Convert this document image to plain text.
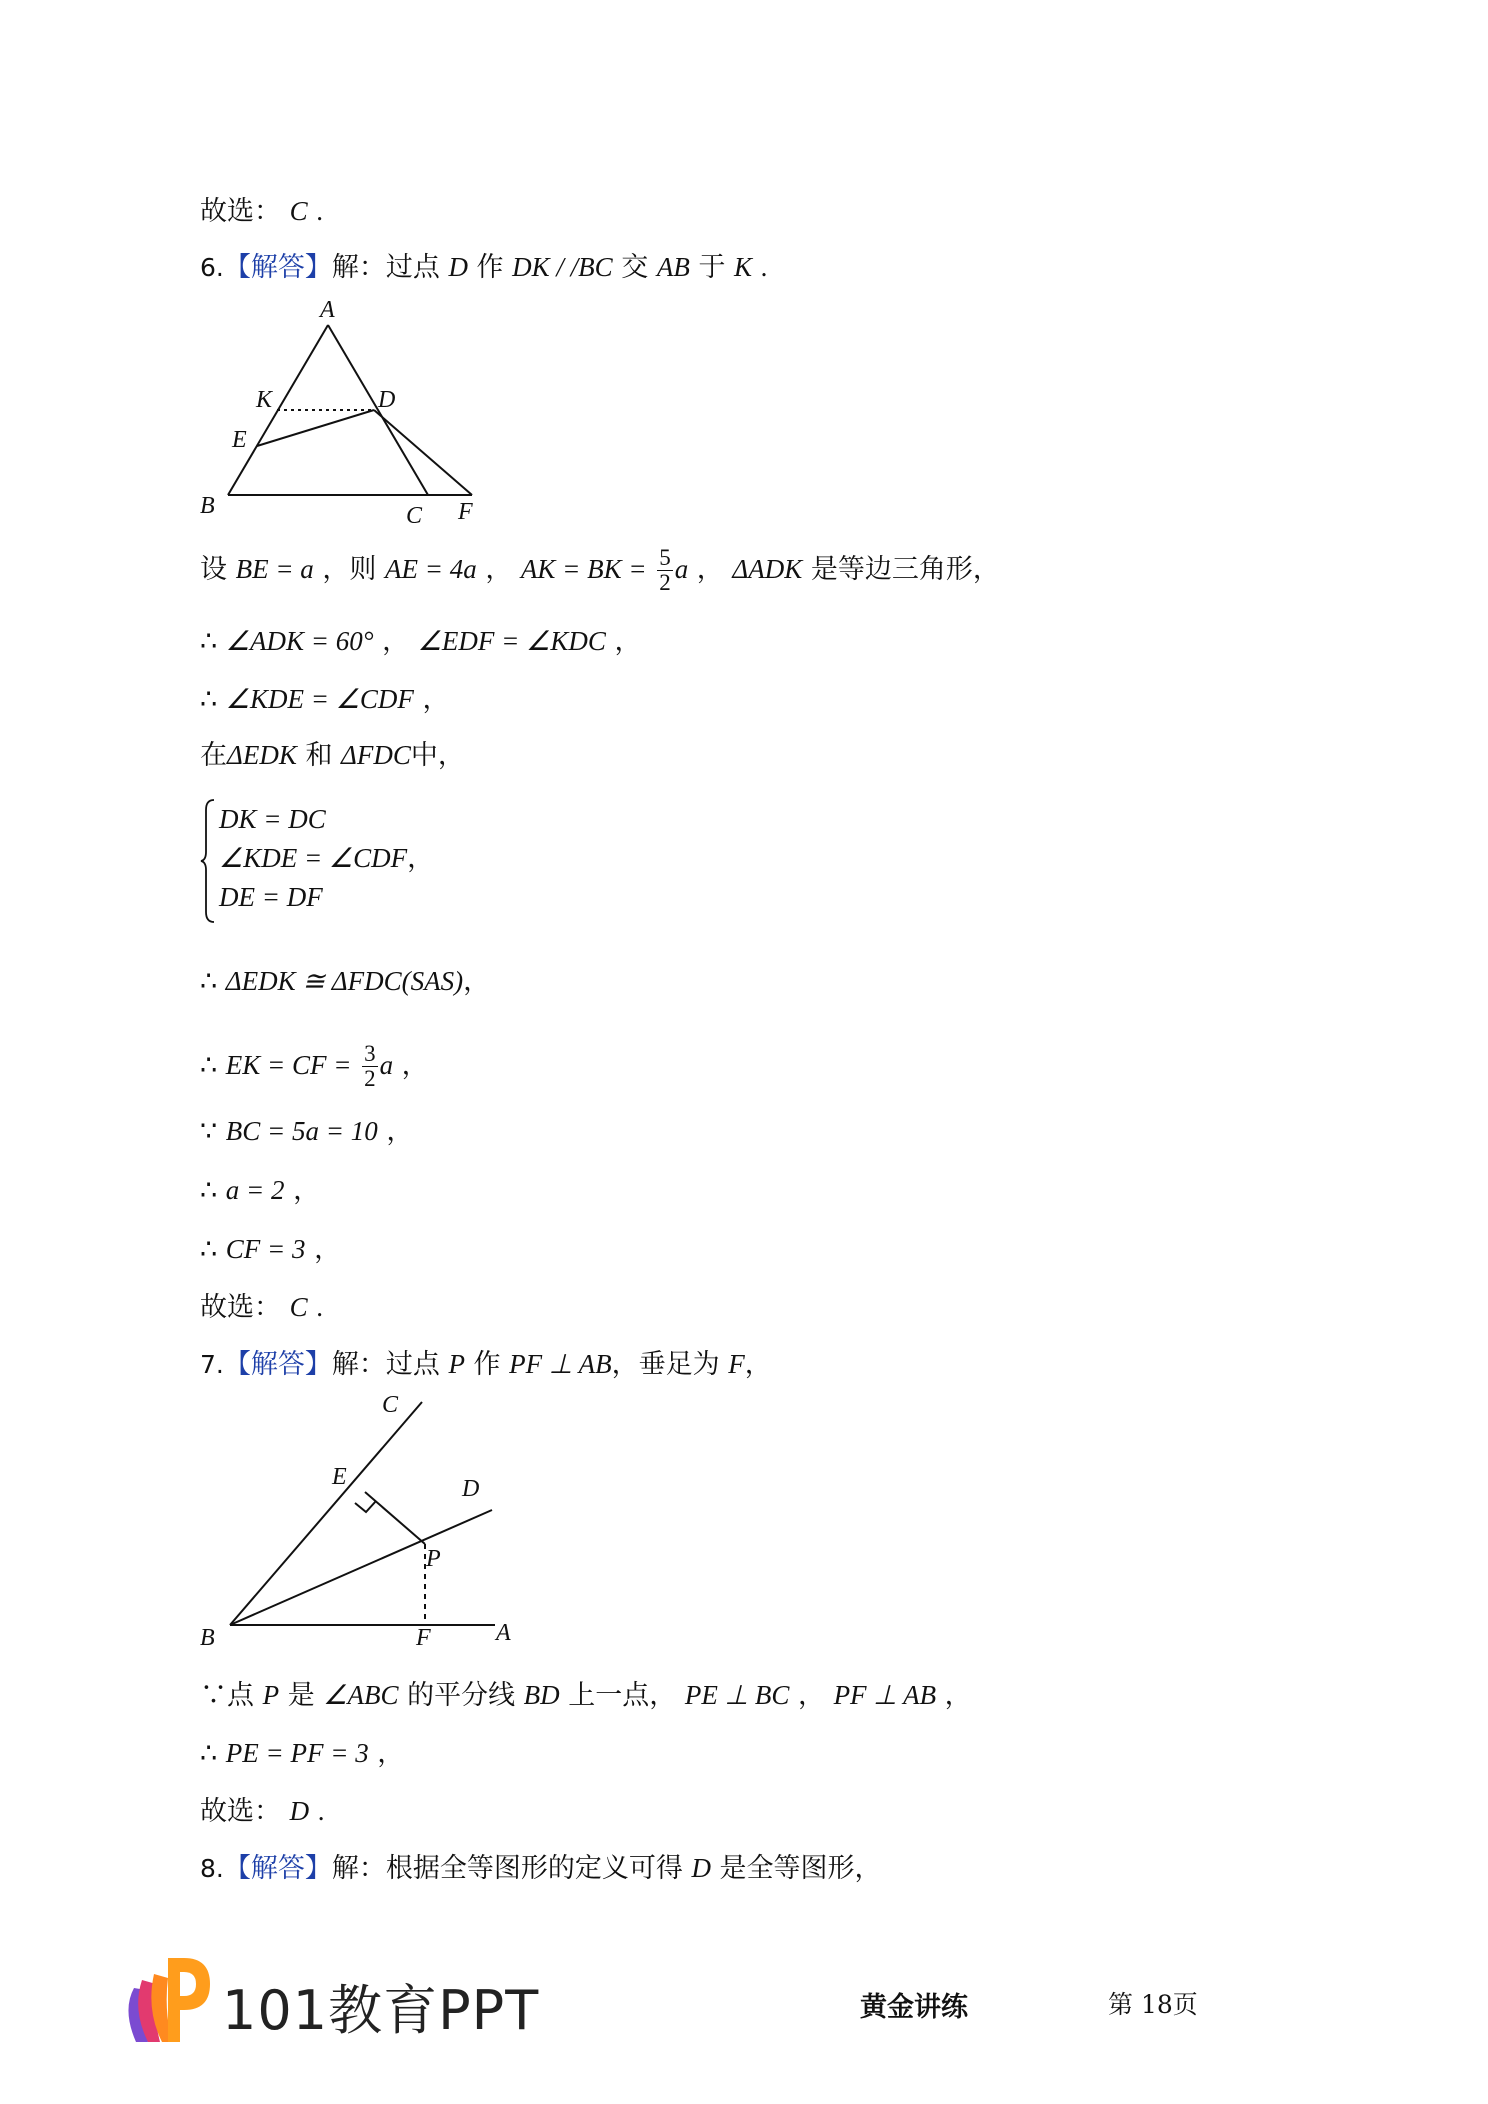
故选： C .
6.【解答】解：过点 D 作 DK / /BC 交 AB 于 K .
A
K	D
E
B	C F
设 BE = a ，则 AE = 4a ， AK = BK = $\frac{5}{2}$ a ， ΔADK 是等边三角形，
∴ ∠ADK = 60° ， ∠EDF = ∠KDC ，
∴ ∠KDE = ∠CDF ，
在ΔEDK 和 ΔFDC中，
DK = DC
∠KDE = ∠CDF，
DE = DF
∴ ΔEDK ≅ ΔFDC(SAS)，
∴ EK = CF = $\frac{3}{2}$ a ，
∵ BC = 5a = 10 ，
∴ a = 2 ，
∴ CF = 3 ，
故选： C .
7.【解答】解：过点 P 作 PF ⊥ AB，垂足为 F，
C
E	D
P
B	F	A
∵点 P 是 ∠ABC 的平分线 BD 上一点， PE ⊥ BC ， PF ⊥ AB ，
∴ PE = PF = 3 ，
故选： D .
8.【解答】解：根据全等图形的定义可得 D 是全等图形，
101教育PPT	黄金讲练	第 18页
